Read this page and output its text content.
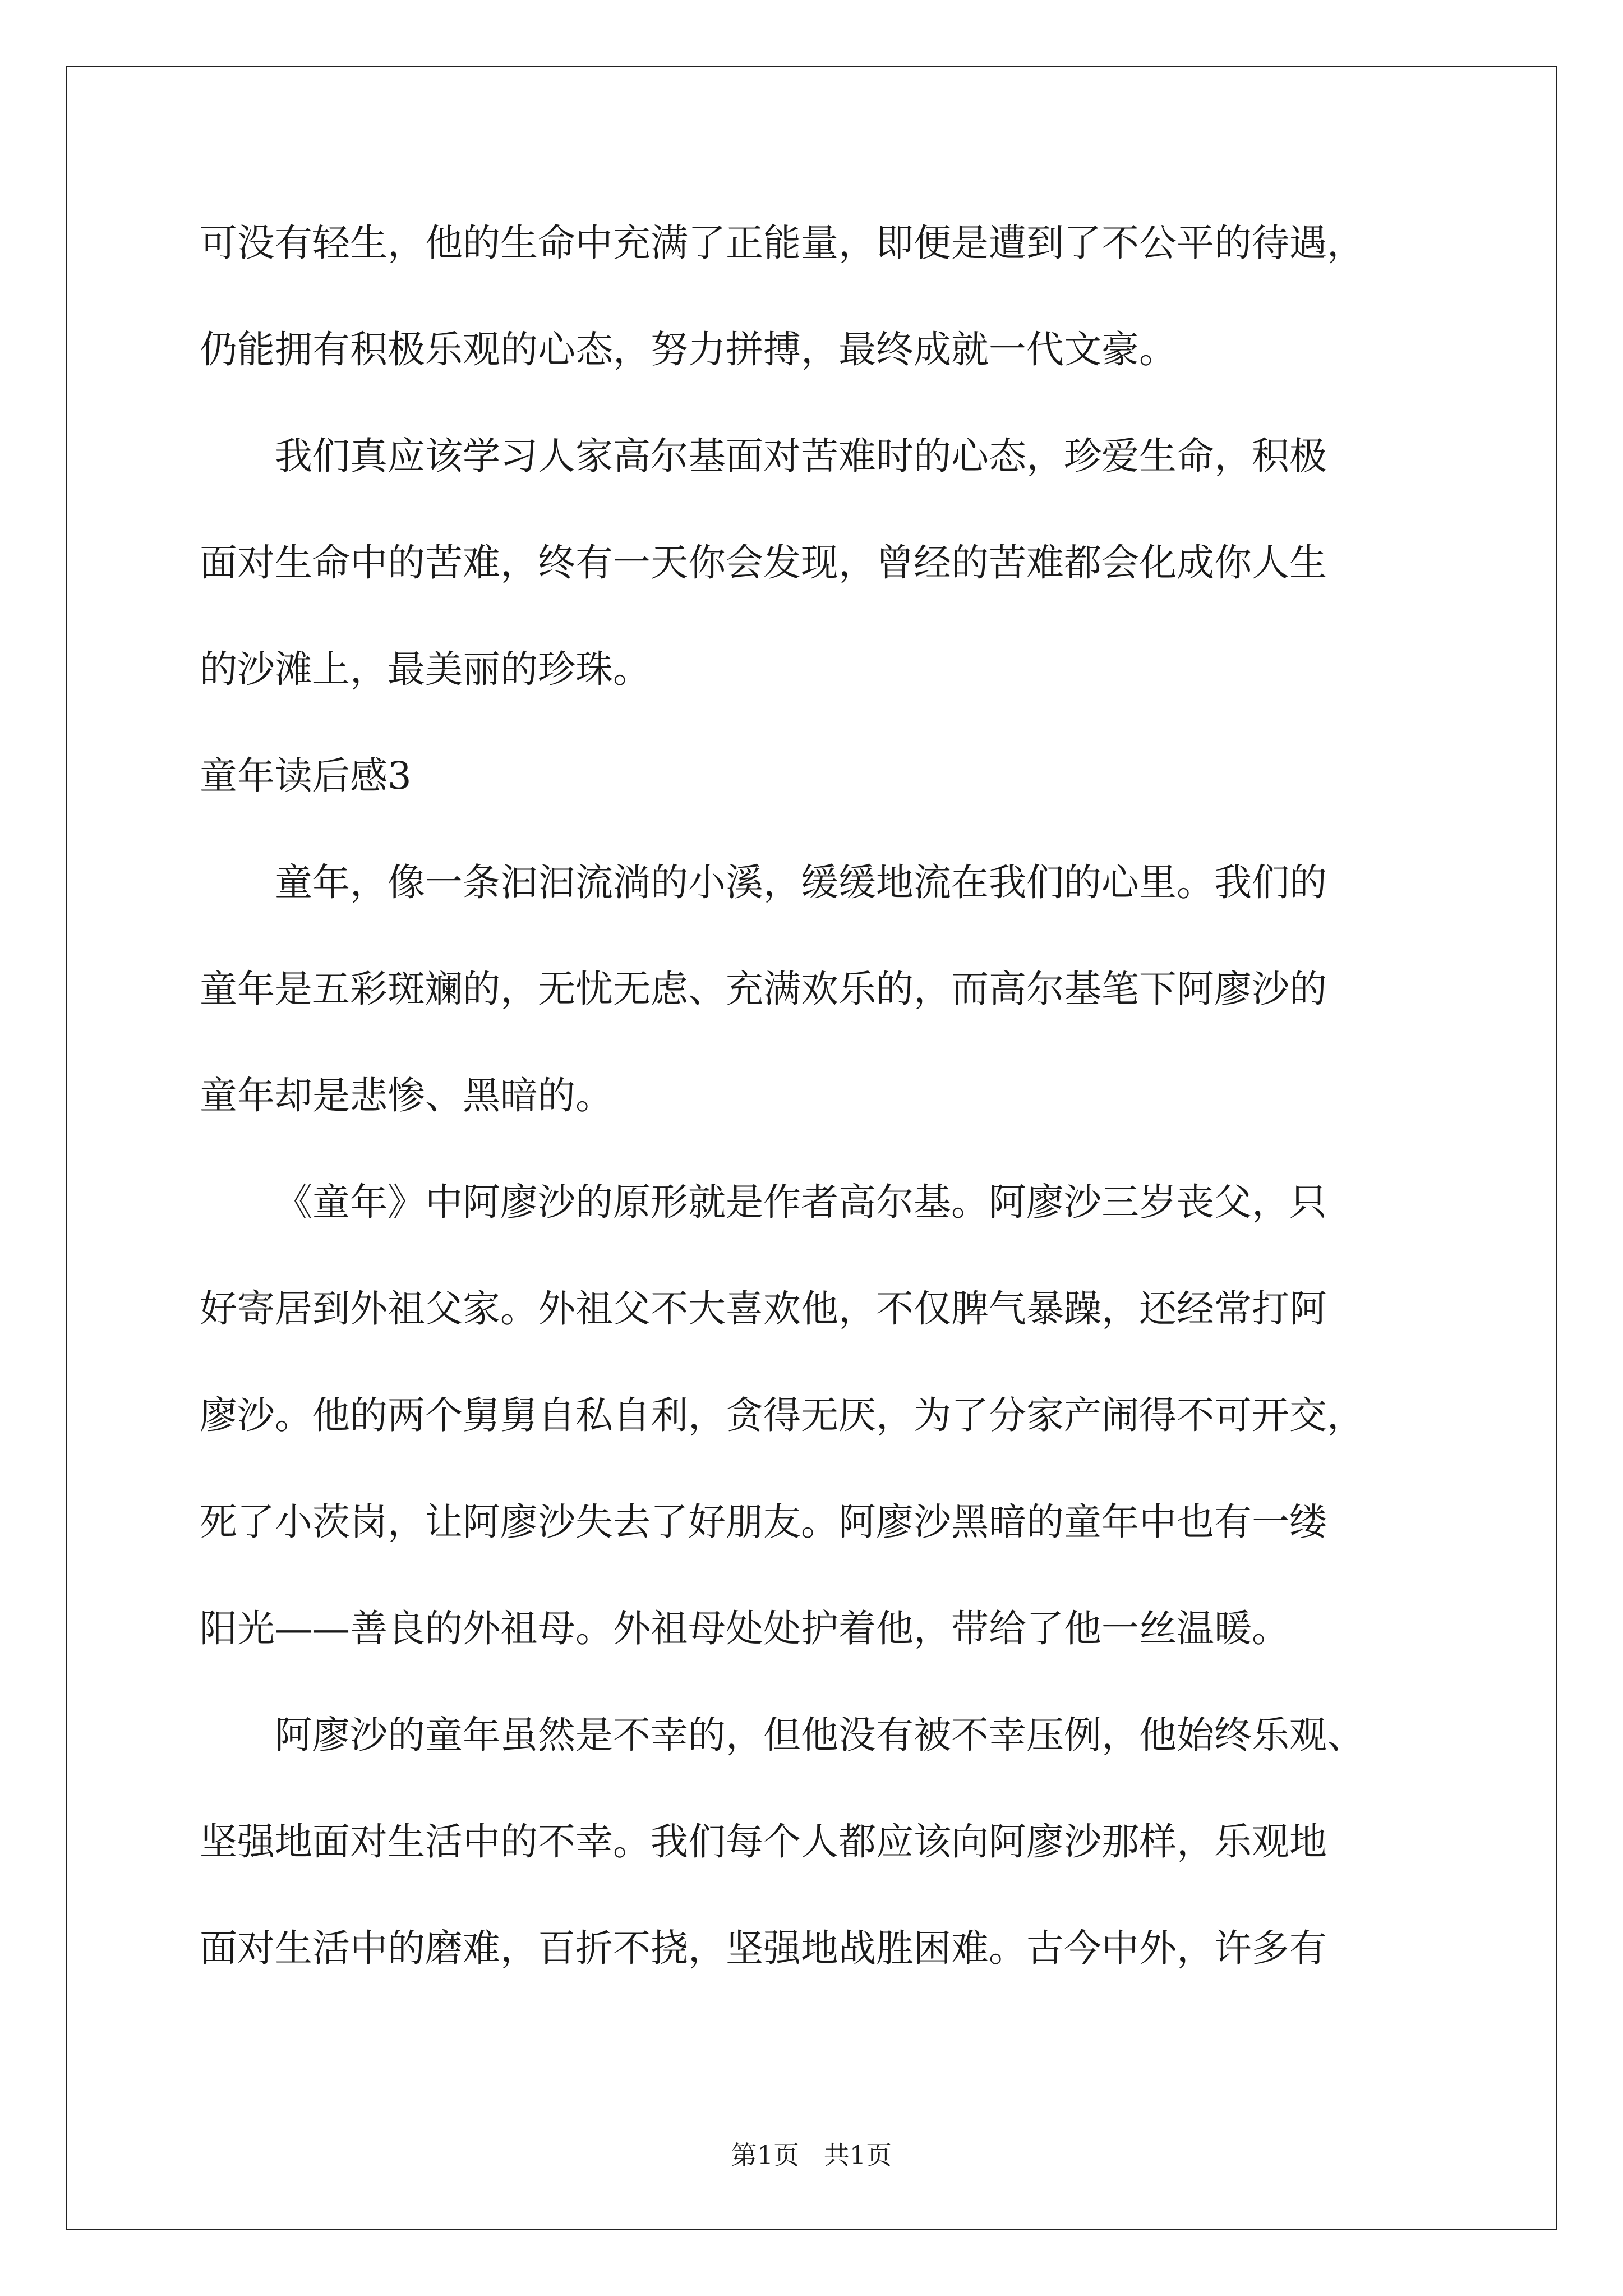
可没有轻生，他的生命中充满了正能量，即便是遭到了不公平的待遇，
仍能拥有积极乐观的心态，努力拼搏，最终成就一代文豪。
我们真应该学习人家高尔基面对苦难时的心态，珍爱生命，积极
面对生命中的苦难，终有一天你会发现，曾经的苦难都会化成你人生
的沙滩上，最美丽的珍珠。
童年读后感3
童年，像一条汩汩流淌的小溪，缓缓地流在我们的心里。我们的
童年是五彩斑斓的，无忧无虑、充满欢乐的，而高尔基笔下阿廖沙的
童年却是悲惨、黑暗的。
《童年》中阿廖沙的原形就是作者高尔基。阿廖沙三岁丧父，只
好寄居到外祖父家。外祖父不大喜欢他，不仅脾气暴躁，还经常打阿
廖沙。他的两个舅舅自私自利，贪得无厌，为了分家产闹得不可开交，
死了小茨岗，让阿廖沙失去了好朋友。阿廖沙黑暗的童年中也有一缕
阳光——善良的外祖母。外祖母处处护着他，带给了他一丝温暖。
阿廖沙的童年虽然是不幸的，但他没有被不幸压例，他始终乐观、
坚强地面对生活中的不幸。我们每个人都应该向阿廖沙那样，乐观地
面对生活中的磨难，百折不挠，坚强地战胜困难。古今中外，许多有
第1页   共1页
